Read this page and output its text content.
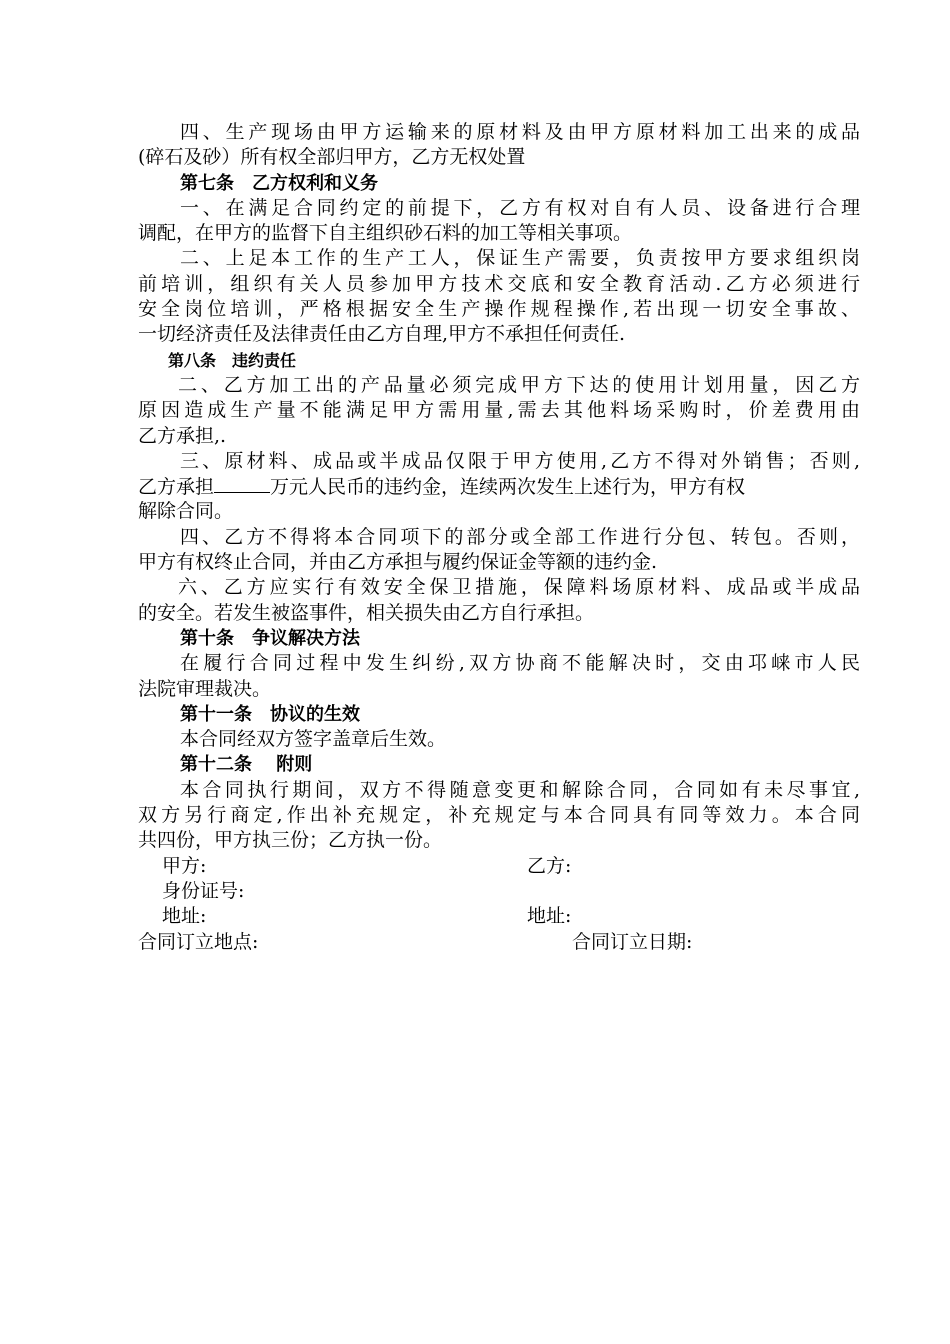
四、生产现场由甲方运输来的原材料及由甲方原材料加工出来的成品
(碎石及砂）所有权全部归甲方，乙方无权处置
第七条　乙方权利和义务
一、在满足合同约定的前提下，乙方有权对自有人员、设备进行合理
调配，在甲方的监督下自主组织砂石料的加工等相关事项。
二、上足本工作的生产工人，保证生产需要，负责按甲方要求组织岗
前培训，组织有关人员参加甲方技术交底和安全教育活动.乙方必须进行
安全岗位培训，严格根据安全生产操作规程操作,若出现一切安全事故、
一切经济责任及法律责任由乙方自理,甲方不承担任何责任.
第八条　违约责任
二、乙方加工出的产品量必须完成甲方下达的使用计划用量，因乙方
原因造成生产量不能满足甲方需用量,需去其他料场采购时，价差费用由
乙方承担,.
三、原材料、成品或半成品仅限于甲方使用,乙方不得对外销售；否则,
乙方承担	万元人民币的违约金，连续两次发生上述行为，甲方有权
解除合同。
四、乙方不得将本合同项下的部分或全部工作进行分包、转包。否则，
甲方有权终止合同，并由乙方承担与履约保证金等额的违约金.
六、乙方应实行有效安全保卫措施，保障料场原材料、成品或半成品
的安全。若发生被盗事件，相关损失由乙方自行承担。
第十条　争议解决方法
在履行合同过程中发生纠纷,双方协商不能解决时，交由邛崃市人民
法院审理裁决。
第十一条　协议的生效
本合同经双方签字盖章后生效。
第十二条　 附则
本合同执行期间，双方不得随意变更和解除合同，合同如有未尽事宜,
双方另行商定,作出补充规定，补充规定与本合同具有同等效力。本合同
共四份，甲方执三份；乙方执一份。
甲方:	乙方:
身份证号:
地址:	地址:
合同订立地点:	合同订立日期:
